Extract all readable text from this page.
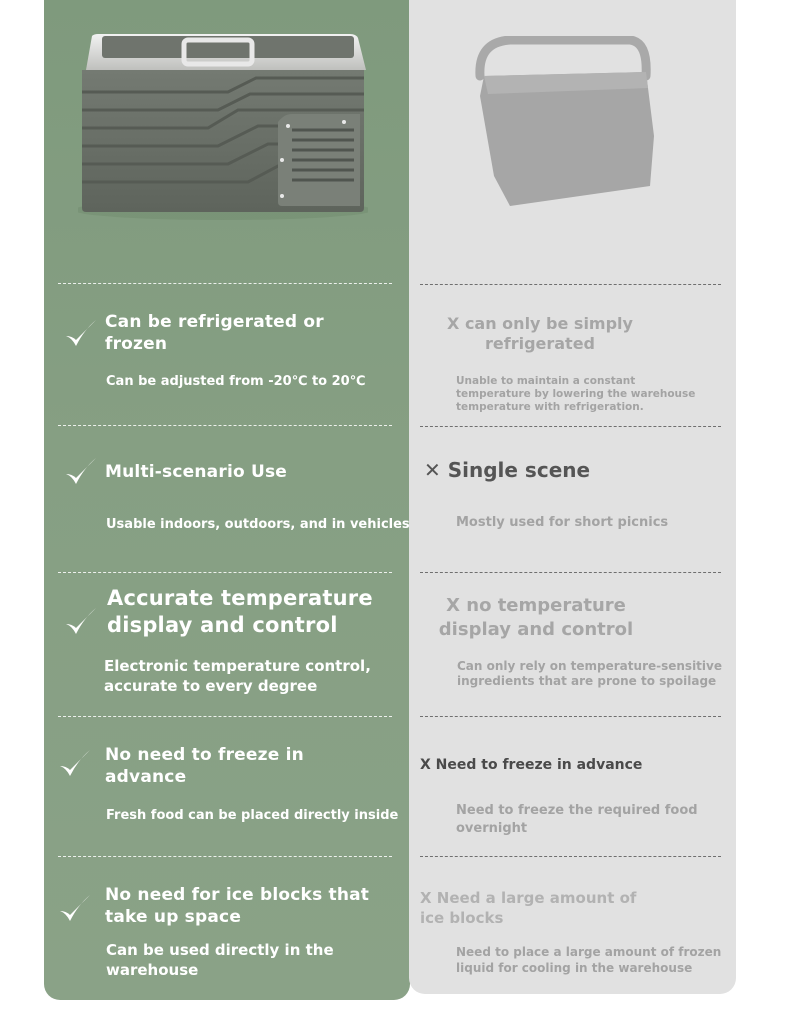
Can be refrigerated or
frozen
Can be adjusted from -20℃ to 20℃
Multi-scenario Use
Usable indoors, outdoors, and in vehicles
Accurate temperature
display and control
Electronic temperature control,
accurate to every degree
No need to freeze in
advance
Fresh food can be placed directly inside
No need for ice blocks that
take up space
Can be used directly in the
warehouse
X can only be simply
refrigerated
Unable to maintain a constant
temperature by lowering the warehouse
temperature with refrigeration.
✕ Single scene
Mostly used for short picnics
X no temperature
display and control
Can only rely on temperature-sensitive
ingredients that are prone to spoilage
X Need to freeze in advance
Need to freeze the required food
overnight
X Need a large amount of
ice blocks
Need to place a large amount of frozen
liquid for cooling in the warehouse
